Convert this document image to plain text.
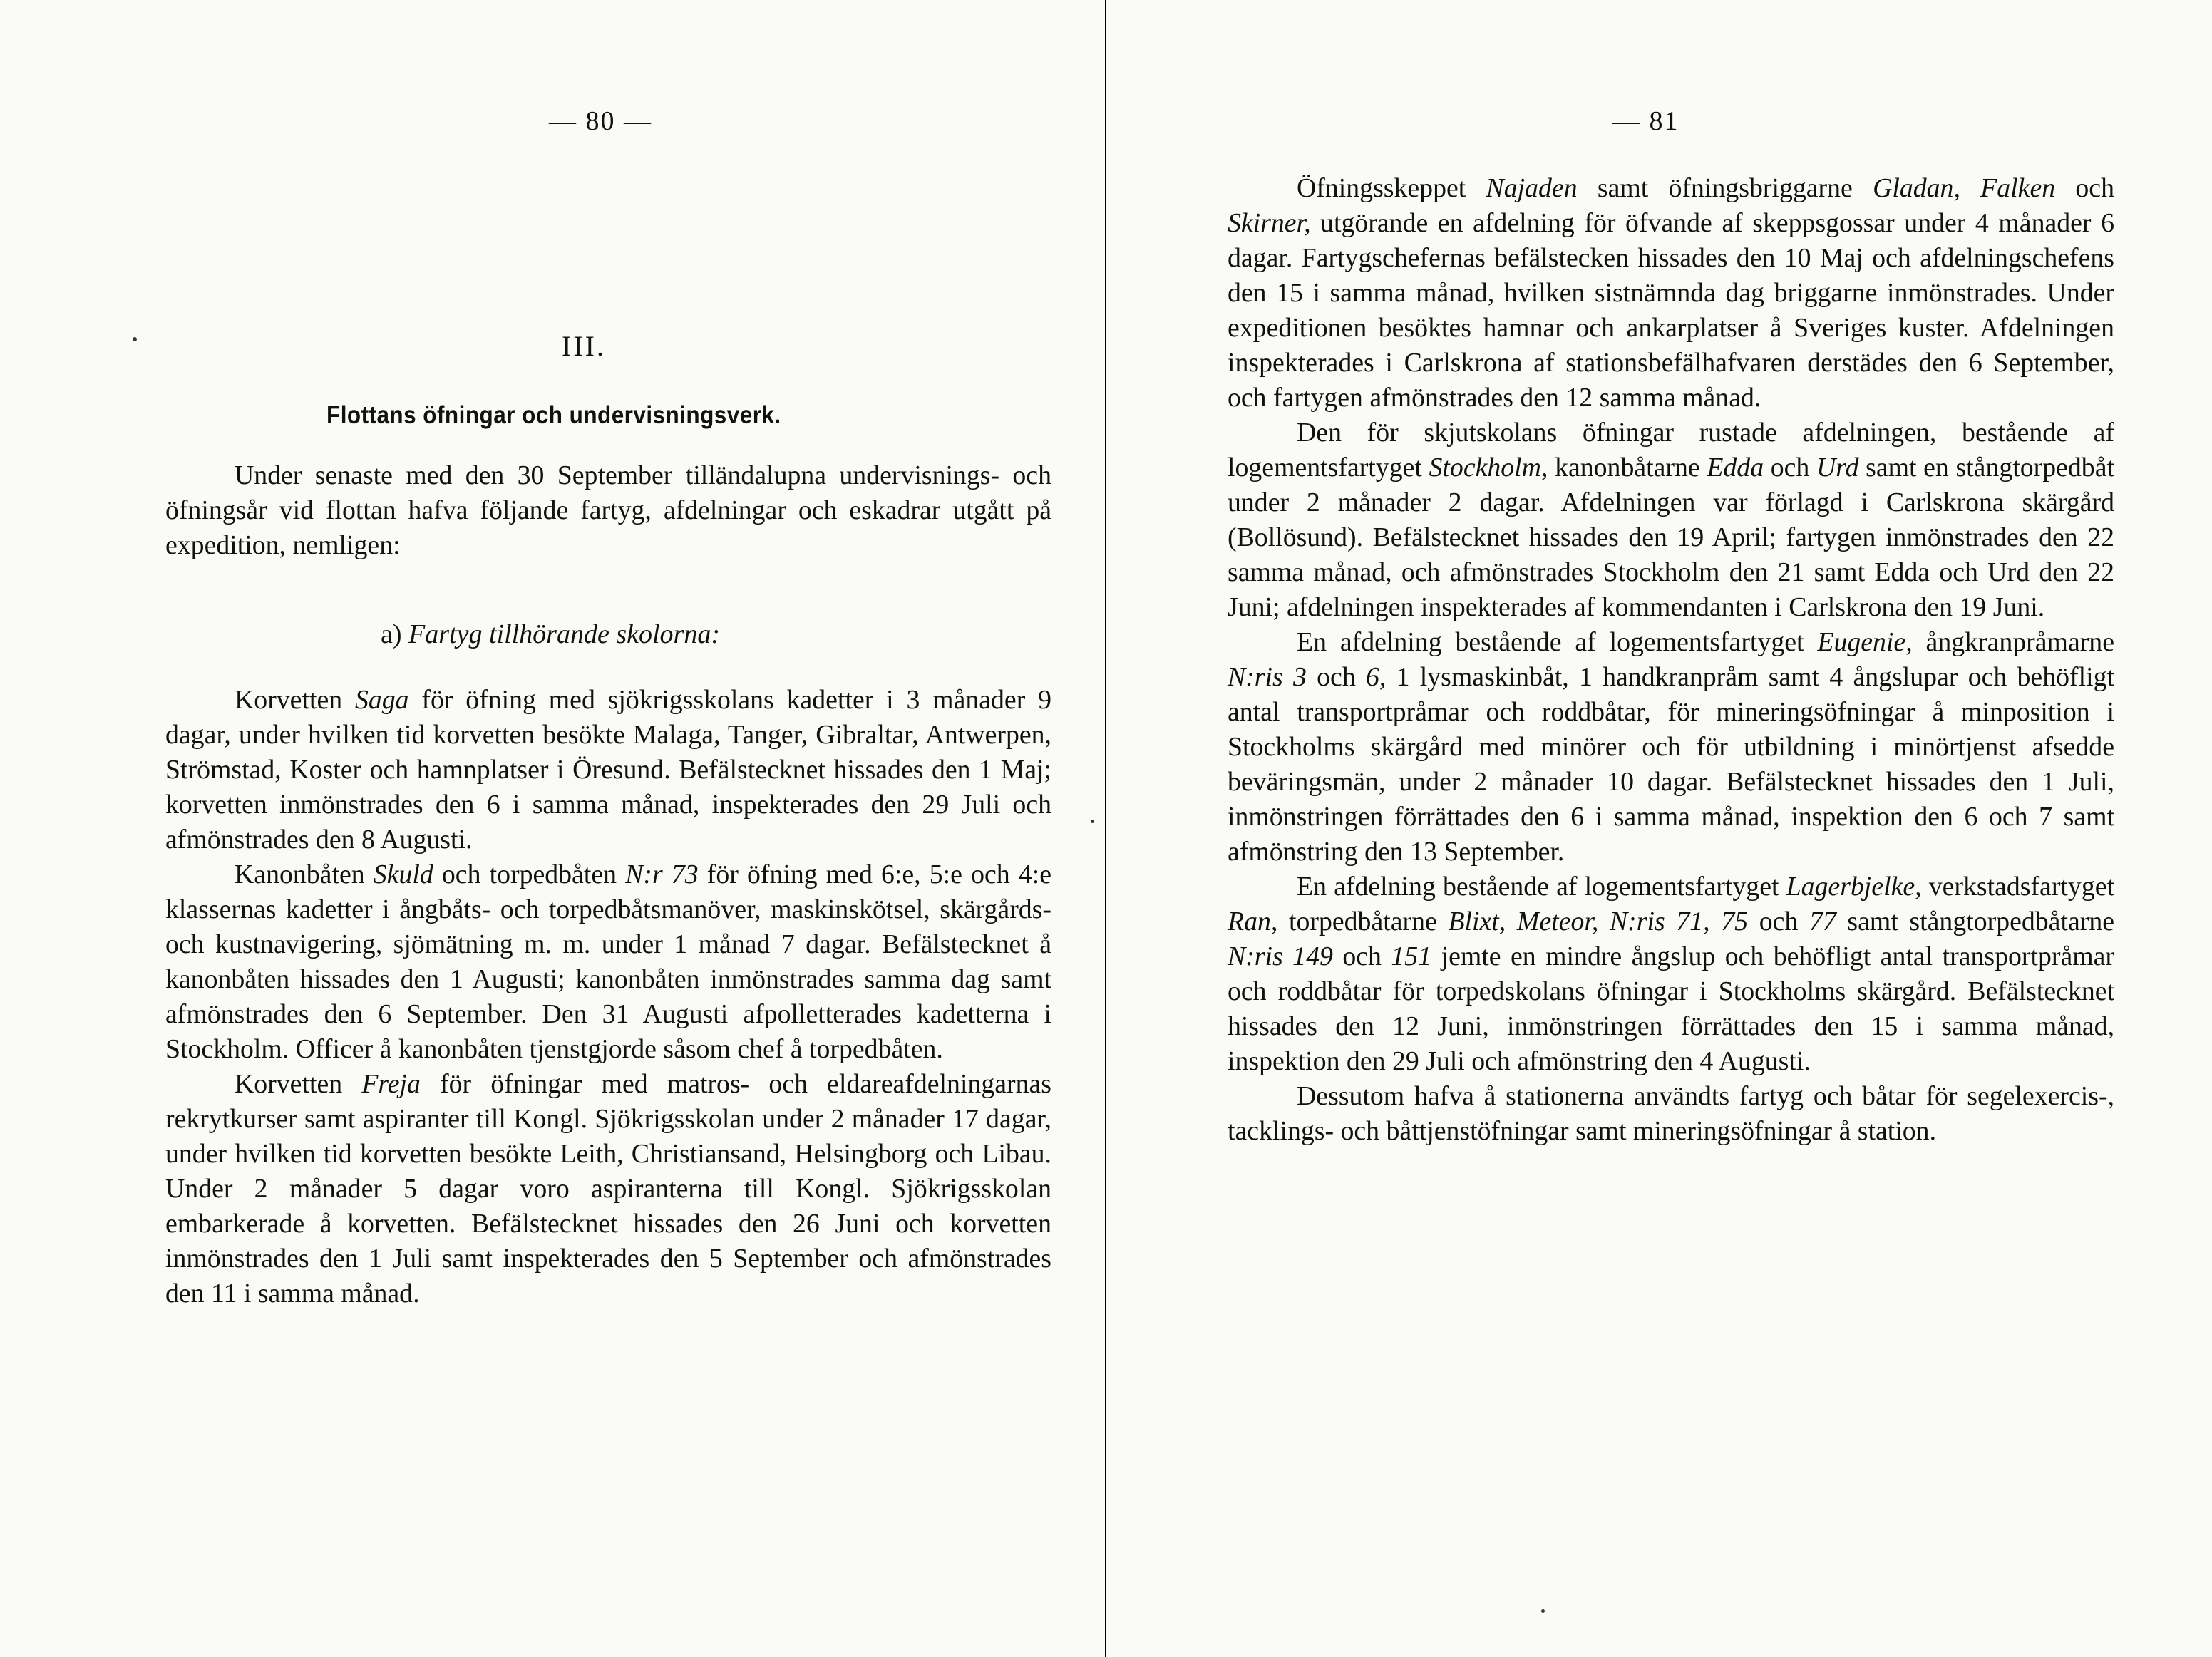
— 80 —
III.
Flottans öfningar och undervisningsverk.

Under senaste med den 30 September tilländalupna undervisnings- och öfningsår vid flottan hafva följande fartyg, afdelningar och eskadrar utgått på expedition, nemligen:

a) Fartyg tillhörande skolorna:

Korvetten Saga för öfning med sjökrigsskolans kadetter i 3 månader 9 dagar, under hvilken tid korvetten besökte Malaga, Tanger, Gibraltar, Antwerpen, Strömstad, Koster och hamnplatser i Öresund. Befälstecknet hissades den 1 Maj; korvetten inmönstrades den 6 i samma månad, inspekterades den 29 Juli och afmönstrades den 8 Augusti.

Kanonbåten Skuld och torpedbåten N:r 73 för öfning med 6:e, 5:e och 4:e klassernas kadetter i ångbåts- och torpedbåtsmanöver, maskinskötsel, skärgårds- och kustnavigering, sjömätning m. m. under 1 månad 7 dagar. Befälstecknet å kanonbåten hissades den 1 Augusti; kanonbåten inmönstrades samma dag samt afmönstrades den 6 September. Den 31 Augusti afpolletterades kadetterna i Stockholm. Officer å kanonbåten tjenstgjorde såsom chef å torpedbåten.

Korvetten Freja för öfningar med matros- och eldareafdelningarnas rekrytkurser samt aspiranter till Kongl. Sjökrigsskolan under 2 månader 17 dagar, under hvilken tid korvetten besökte Leith, Christiansand, Helsingborg och Libau. Under 2 månader 5 dagar voro aspiranterna till Kongl. Sjökrigsskolan embarkerade å korvetten. Befälstecknet hissades den 26 Juni och korvetten inmönstrades den 1 Juli samt inspekterades den 5 September och afmönstrades den 11 i samma månad.

— 81

Öfningsskeppet Najaden samt öfningsbriggarne Gladan, Falken och Skirner, utgörande en afdelning för öfvande af skeppsgossar under 4 månader 6 dagar. Fartygschefernas befälstecken hissades den 10 Maj och afdelningschefens den 15 i samma månad, hvilken sistnämnda dag briggarne inmönstrades. Under expeditionen besöktes hamnar och ankarplatser å Sveriges kuster. Afdelningen inspekterades i Carlskrona af stationsbefälhafvaren derstädes den 6 September, och fartygen afmönstrades den 12 samma månad.

Den för skjutskolans öfningar rustade afdelningen, bestående af logementsfartyget Stockholm, kanonbåtarne Edda och Urd samt en stångtorpedbåt under 2 månader 2 dagar. Afdelningen var förlagd i Carlskrona skärgård (Bollösund). Befälstecknet hissades den 19 April; fartygen inmönstrades den 22 samma månad, och afmönstrades Stockholm den 21 samt Edda och Urd den 22 Juni; afdelningen inspekterades af kommendanten i Carlskrona den 19 Juni.

En afdelning bestående af logementsfartyget Eugenie, ångkranpråmarne N:ris 3 och 6, 1 lysmaskinbåt, 1 handkranpråm samt 4 ångslupar och behöfligt antal transportpråmar och roddbåtar, för mineringsöfningar å minposition i Stockholms skärgård med minörer och för utbildning i minörtjenst afsedde beväringsmän, under 2 månader 10 dagar. Befälstecknet hissades den 1 Juli, inmönstringen förrättades den 6 i samma månad, inspektion den 6 och 7 samt afmönstring den 13 September.

En afdelning bestående af logementsfartyget Lagerbjelke, verkstadsfartyget Ran, torpedbåtarne Blixt, Meteor, N:ris 71, 75 och 77 samt stångtorpedbåtarne N:ris 149 och 151 jemte en mindre ångslup och behöfligt antal transportpråmar och roddbåtar för torpedskolans öfningar i Stockholms skärgård. Befälstecknet hissades den 12 Juni, inmönstringen förrättades den 15 i samma månad, inspektion den 29 Juli och afmönstring den 4 Augusti.

Dessutom hafva å stationerna användts fartyg och båtar för segelexercis-, tacklings- och båttjenstöfningar samt mineringsöfningar å station.
